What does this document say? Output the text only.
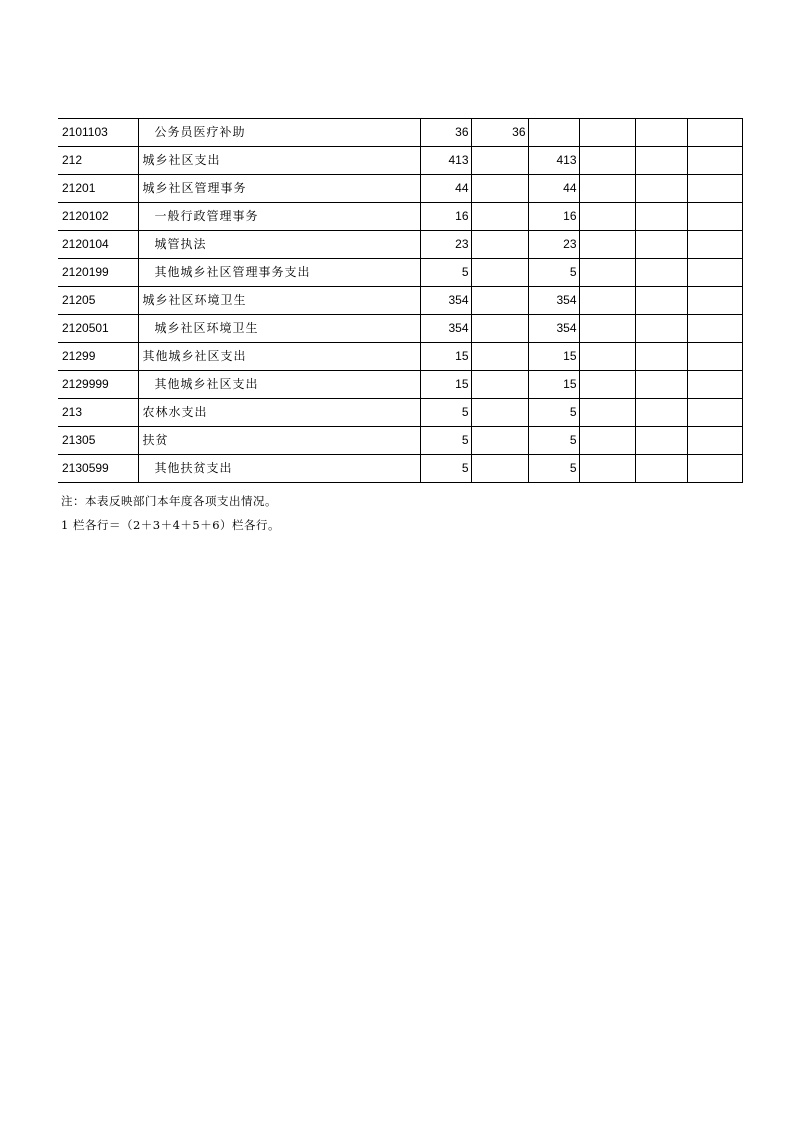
2101103	公务员医疗补助	36	36				
212	城乡社区支出	413		413			
21201	城乡社区管理事务	44		44			
2120102	一般行政管理事务	16		16			
2120104	城管执法	23		23			
2120199	其他城乡社区管理事务支出	5		5			
21205	城乡社区环境卫生	354		354			
2120501	城乡社区环境卫生	354		354			
21299	其他城乡社区支出	15		15			
2129999	其他城乡社区支出	15		15			
213	农林水支出	5		5			
21305	扶贫	5		5			
2130599	其他扶贫支出	5		5			
注：本表反映部门本年度各项支出情况。
1 栏各行＝（2＋3＋4＋5＋6）栏各行。
